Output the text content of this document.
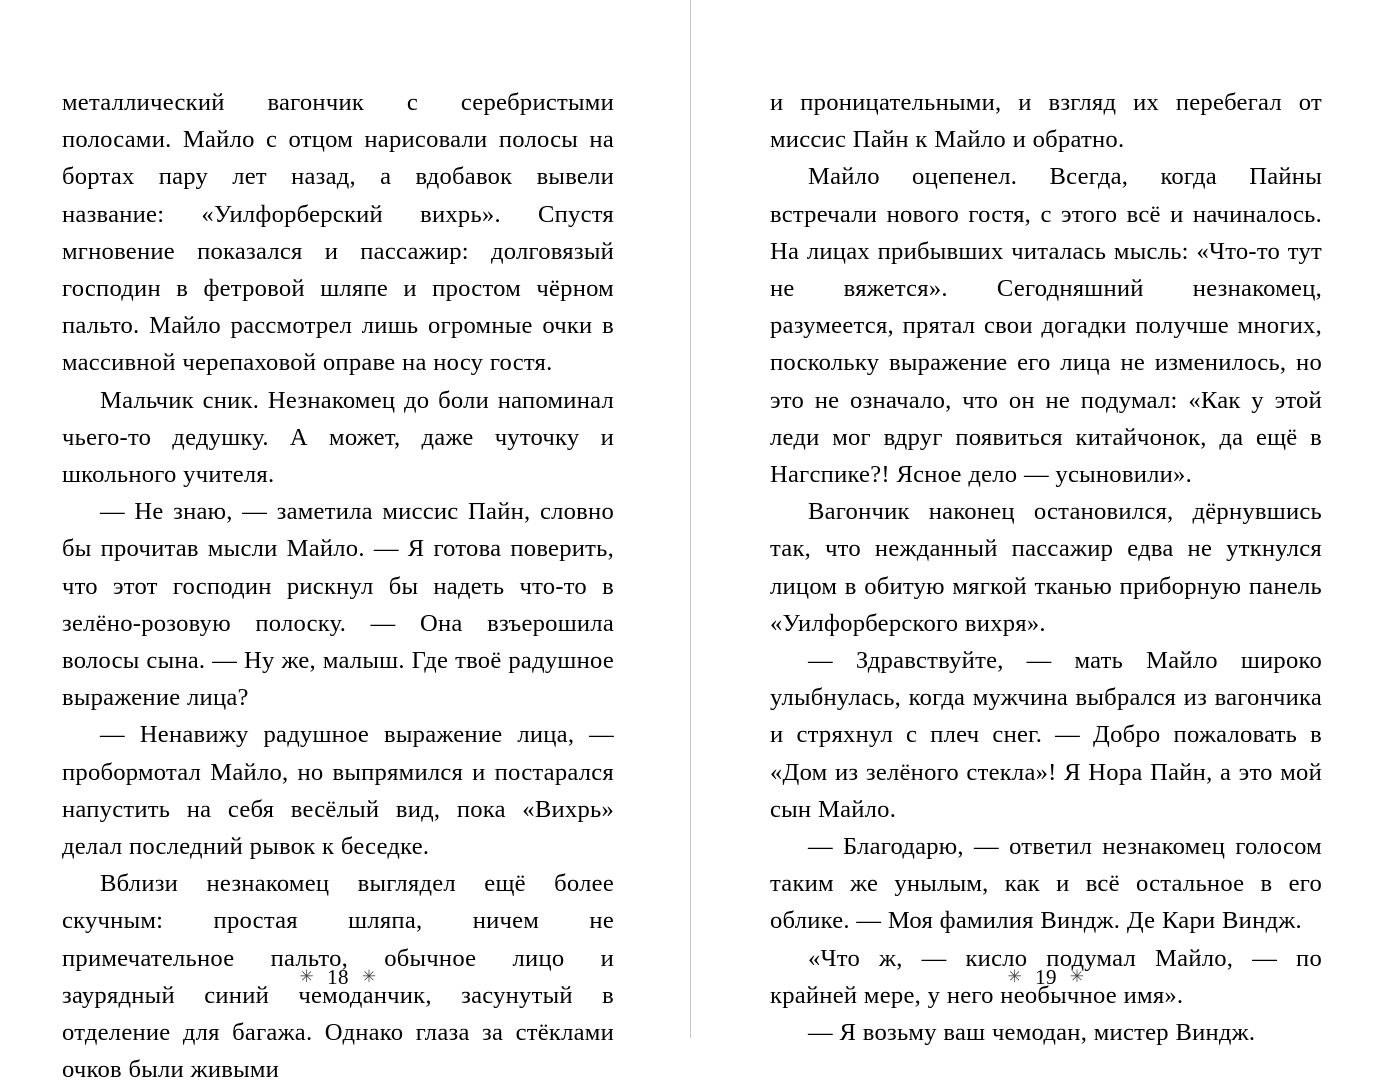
металлический вагончик с серебристыми полосами. Майло с отцом нарисовали полосы на бортах пару лет назад, а вдобавок вывели название: «Уилфорберский вихрь». Спустя мгновение показался и пассажир: долговязый господин в фетровой шляпе и простом чёрном пальто. Майло рассмотрел лишь огромные очки в массивной черепаховой оправе на носу гостя.

Мальчик сник. Незнакомец до боли напоминал чьего-то дедушку. А может, даже чуточку и школьного учителя.

— Не знаю, — заметила миссис Пайн, словно бы прочитав мысли Майло. — Я готова поверить, что этот господин рискнул бы надеть что-то в зелёно-розовую полоску. — Она взъерошила волосы сына. — Ну же, малыш. Где твоё радушное выражение лица?

— Ненавижу радушное выражение лица, — пробормотал Майло, но выпрямился и постарался напустить на себя весёлый вид, пока «Вихрь» делал последний рывок к беседке.

Вблизи незнакомец выглядел ещё более скучным: простая шляпа, ничем не примечательное пальто, обычное лицо и заурядный синий чемоданчик, засунутый в отделение для багажа. Однако глаза за стёклами очков были живыми

✳ 18 ✳

и проницательными, и взгляд их перебегал от миссис Пайн к Майло и обратно.

Майло оцепенел. Всегда, когда Пайны встречали нового гостя, с этого всё и начиналось. На лицах прибывших читалась мысль: «Что-то тут не вяжется». Сегодняшний незнакомец, разумеется, прятал свои догадки получше многих, поскольку выражение его лица не изменилось, но это не означало, что он не подумал: «Как у этой леди мог вдруг появиться китайчонок, да ещё в Нагспике?! Ясное дело — усыновили».

Вагончик наконец остановился, дёрнувшись так, что нежданный пассажир едва не уткнулся лицом в обитую мягкой тканью приборную панель «Уилфорберского вихря».

— Здравствуйте, — мать Майло широко улыбнулась, когда мужчина выбрался из вагончика и стряхнул с плеч снег. — Добро пожаловать в «Дом из зелёного стекла»! Я Нора Пайн, а это мой сын Майло.

— Благодарю, — ответил незнакомец голосом таким же унылым, как и всё остальное в его облике. — Моя фамилия Виндж. Де Кари Виндж.

«Что ж, — кисло подумал Майло, — по крайней мере, у него необычное имя».

— Я возьму ваш чемодан, мистер Виндж.

✳ 19 ✳
